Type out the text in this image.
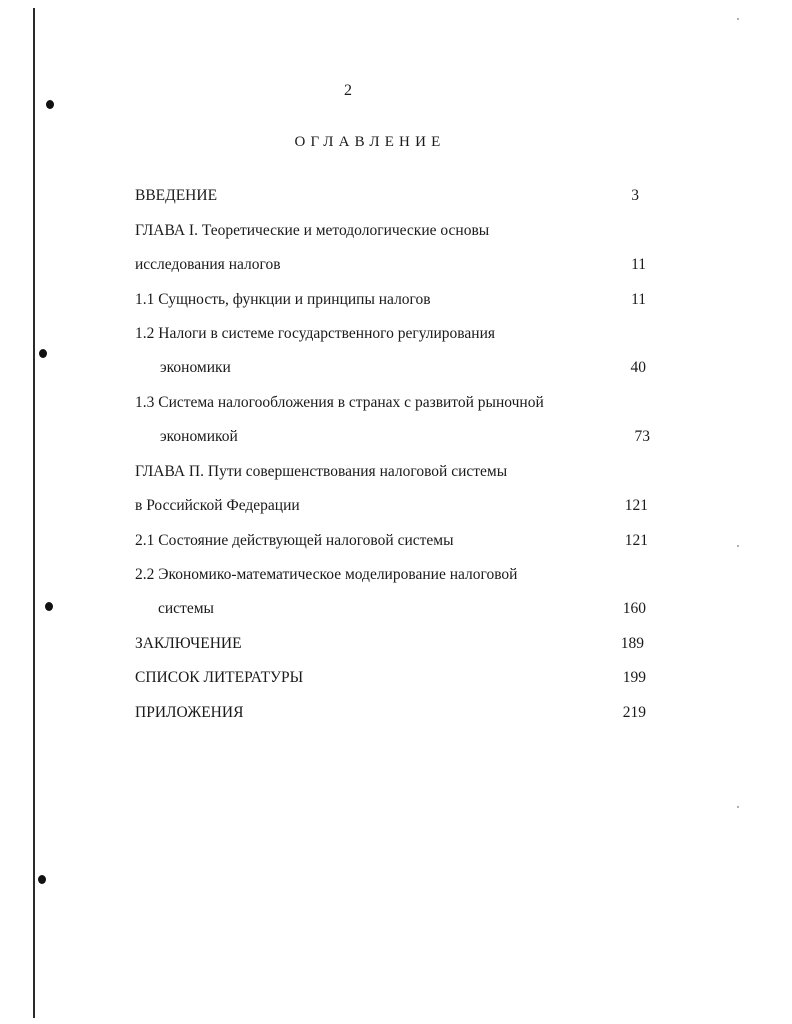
2
ОГЛАВЛЕНИЕ
ВВЕДЕНИЕ	3
ГЛАВА I. Теоретические и методологические основы
исследования налогов	11
1.1 Сущность, функции и принципы налогов	11
1.2 Налоги в системе государственного регулирования
экономики	40
1.3 Система налогообложения в странах с развитой рыночной
экономикой	73
ГЛАВА П. Пути совершенствования налоговой системы
в Российской Федерации	121
2.1 Состояние действующей налоговой системы	121
2.2 Экономико-математическое моделирование налоговой
системы	160
ЗАКЛЮЧЕНИЕ	189
СПИСОК ЛИТЕРАТУРЫ	199
ПРИЛОЖЕНИЯ	219
